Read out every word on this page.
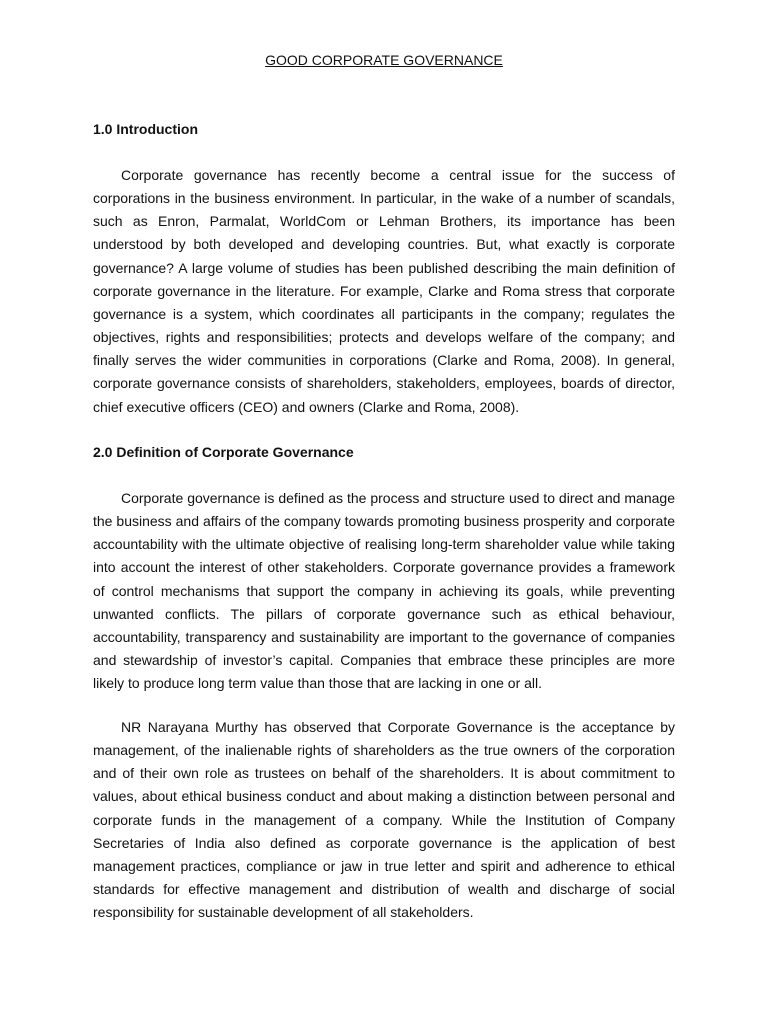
GOOD CORPORATE GOVERNANCE
1.0 Introduction

Corporate governance has recently become a central issue for the success of corporations in the business environment. In particular, in the wake of a number of scandals, such as Enron, Parmalat, WorldCom or Lehman Brothers, its importance has been understood by both developed and developing countries. But, what exactly is corporate governance? A large volume of studies has been published describing the main definition of corporate governance in the literature. For example, Clarke and Roma stress that corporate governance is a system, which coordinates all participants in the company; regulates the objectives, rights and responsibilities; protects and develops welfare of the company; and finally serves the wider communities in corporations (Clarke and Roma, 2008). In general, corporate governance consists of shareholders, stakeholders, employees, boards of director, chief executive officers (CEO) and owners (Clarke and Roma, 2008).

2.0 Definition of Corporate Governance

Corporate governance is defined as the process and structure used to direct and manage the business and affairs of the company towards promoting business prosperity and corporate accountability with the ultimate objective of realising long-term shareholder value while taking into account the interest of other stakeholders. Corporate governance provides a framework of control mechanisms that support the company in achieving its goals, while preventing unwanted conflicts. The pillars of corporate governance such as ethical behaviour, accountability, transparency and sustainability are important to the governance of companies and stewardship of investor’s capital. Companies that embrace these principles are more likely to produce long term value than those that are lacking in one or all.

NR Narayana Murthy has observed that Corporate Governance is the acceptance by management, of the inalienable rights of shareholders as the true owners of the corporation and of their own role as trustees on behalf of the shareholders. It is about commitment to values, about ethical business conduct and about making a distinction between personal and corporate funds in the management of a company. While the Institution of Company Secretaries of India also defined as corporate governance is the application of best management practices, compliance or jaw in true letter and spirit and adherence to ethical standards for effective management and distribution of wealth and discharge of social responsibility for sustainable development of all stakeholders.
